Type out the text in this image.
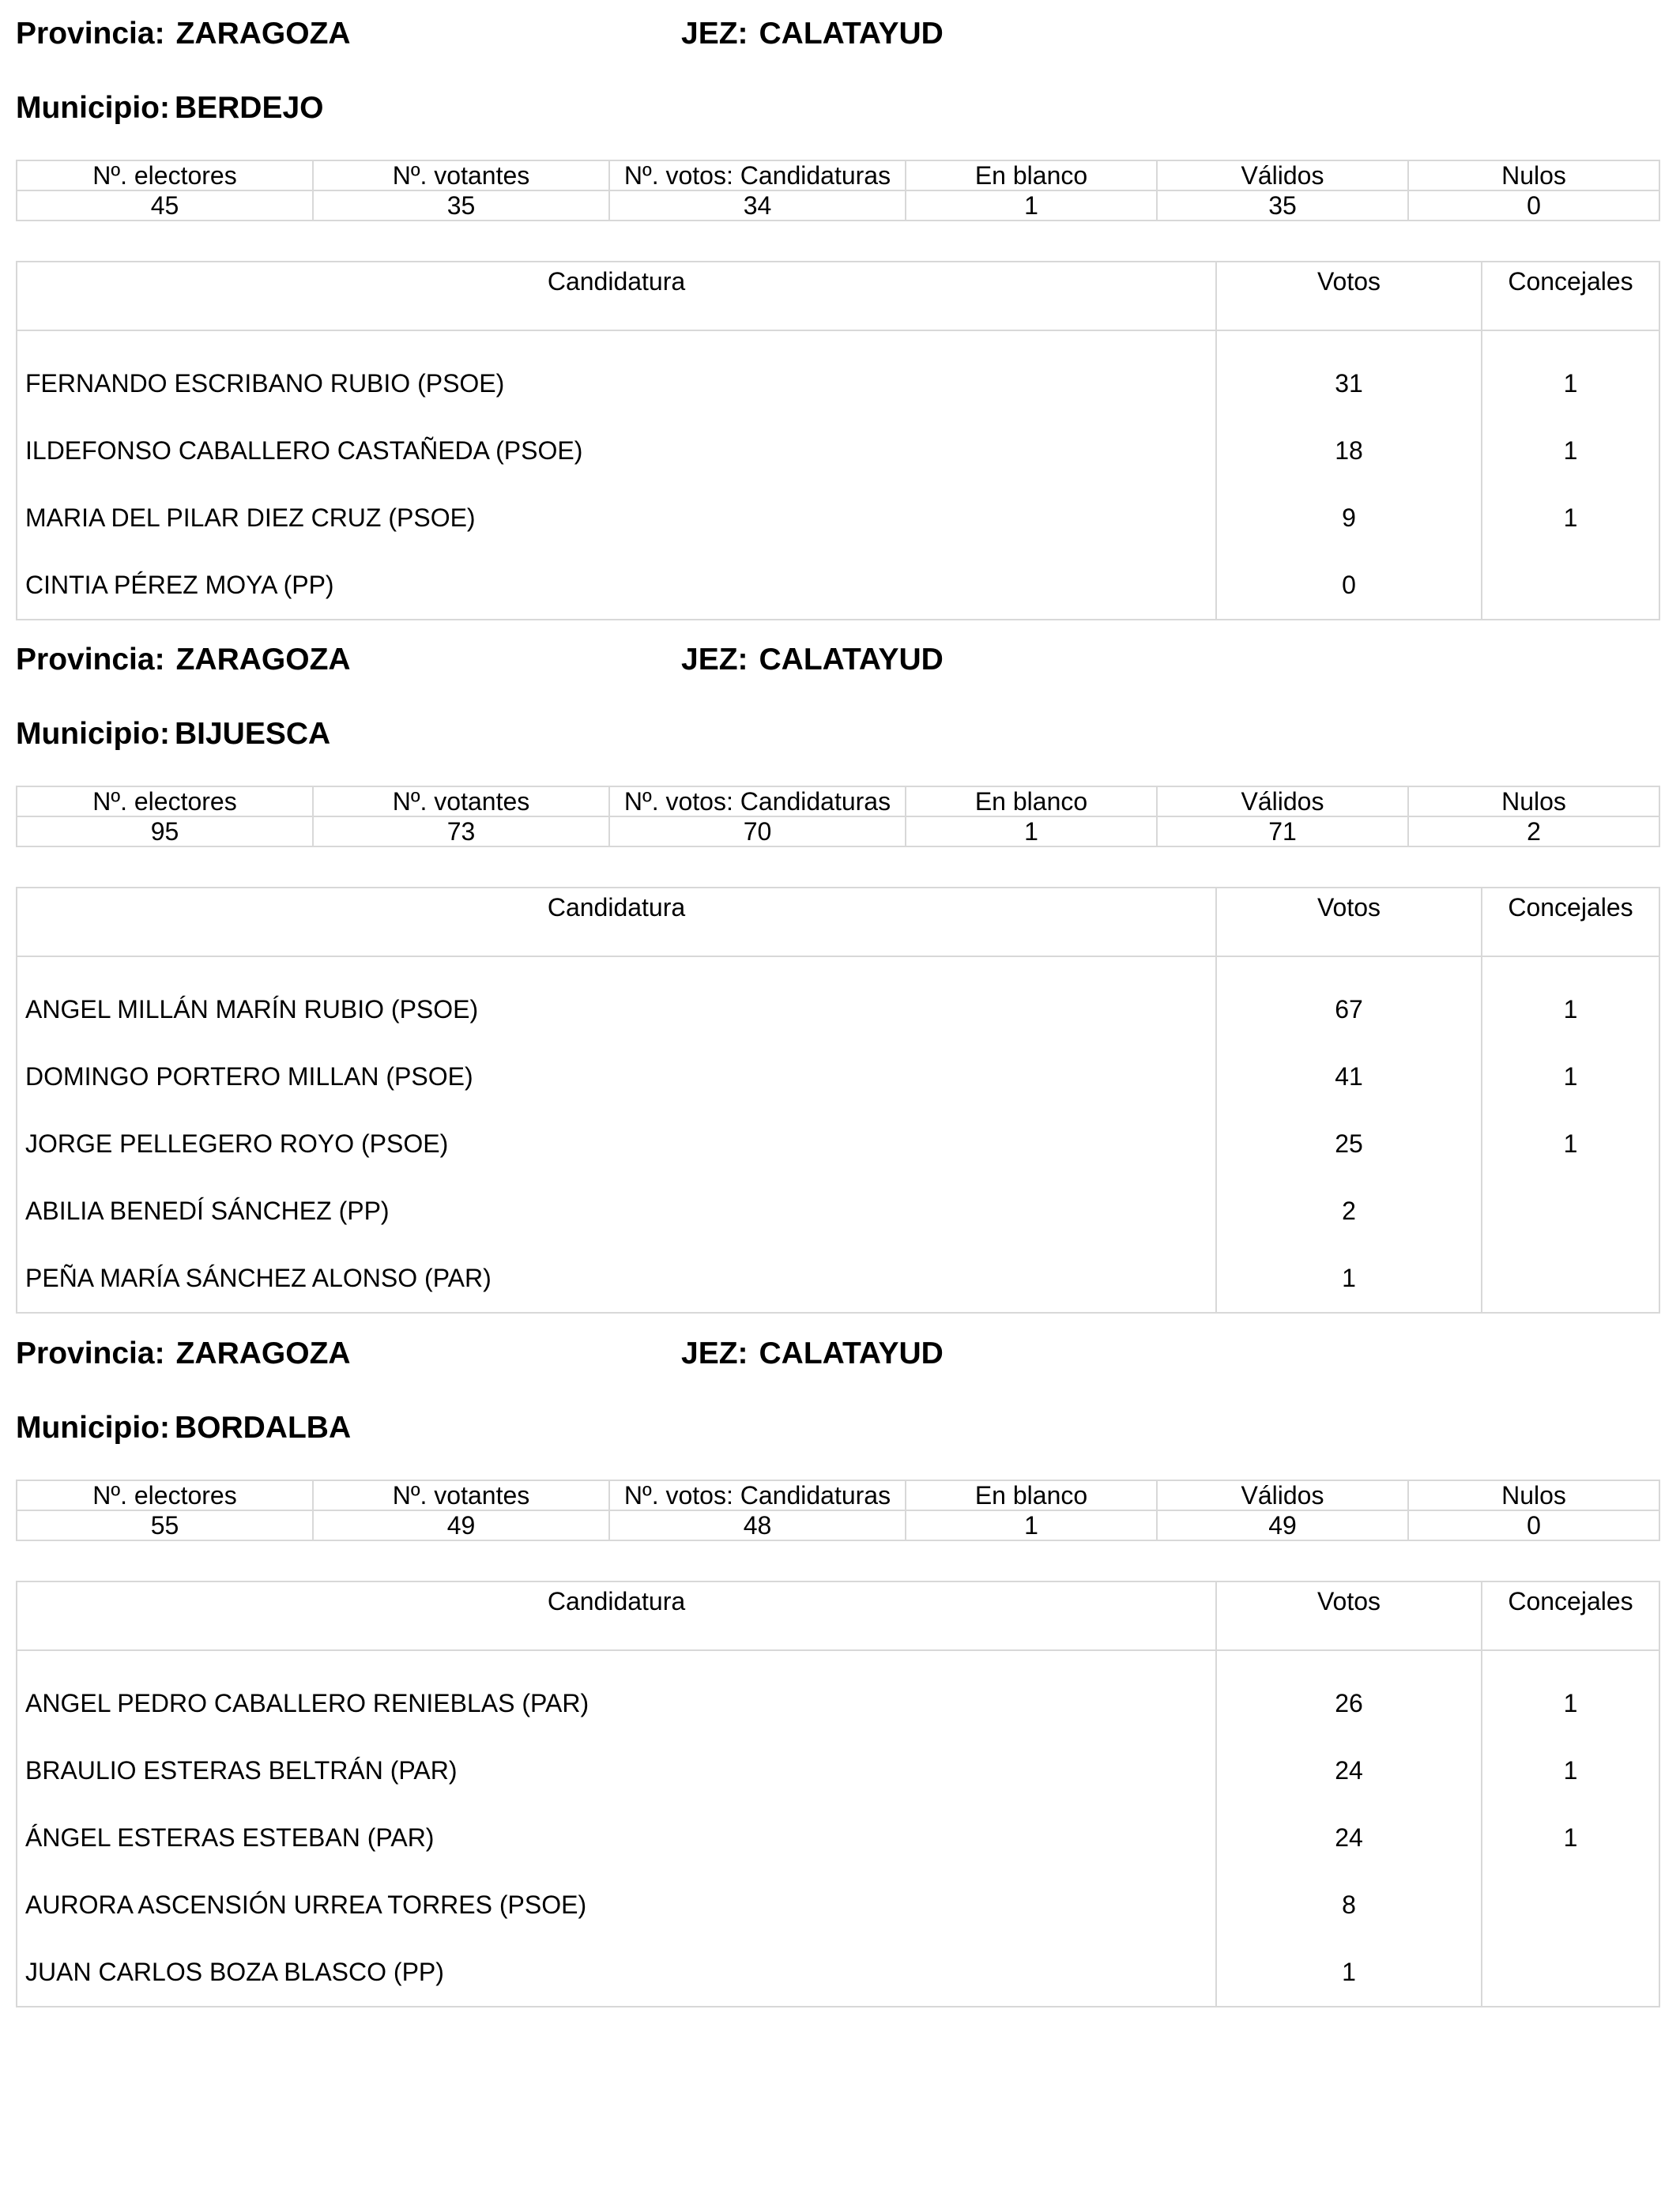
Provincia: ZARAGOZA	JEZ: CALATAYUD
Municipio: BERDEJO
Nº. electores	Nº. votantes	Nº. votos: Candidaturas	En blanco	Válidos	Nulos
45	35	34	1	35	0
Candidatura	Votos	Concejales
FERNANDO ESCRIBANO RUBIO (PSOE)	31	1
ILDEFONSO CABALLERO CASTAÑEDA (PSOE)	18	1
MARIA DEL PILAR DIEZ CRUZ (PSOE)	9	1
CINTIA PÉREZ MOYA (PP)	0	
Provincia: ZARAGOZA	JEZ: CALATAYUD
Municipio: BIJUESCA
Nº. electores	Nº. votantes	Nº. votos: Candidaturas	En blanco	Válidos	Nulos
95	73	70	1	71	2
Candidatura	Votos	Concejales
ANGEL MILLÁN MARÍN RUBIO (PSOE)	67	1
DOMINGO PORTERO MILLAN (PSOE)	41	1
JORGE PELLEGERO ROYO (PSOE)	25	1
ABILIA BENEDÍ SÁNCHEZ (PP)	2	
PEÑA MARÍA SÁNCHEZ ALONSO (PAR)	1	
Provincia: ZARAGOZA	JEZ: CALATAYUD
Municipio: BORDALBA
Nº. electores	Nº. votantes	Nº. votos: Candidaturas	En blanco	Válidos	Nulos
55	49	48	1	49	0
Candidatura	Votos	Concejales
ANGEL PEDRO CABALLERO RENIEBLAS (PAR)	26	1
BRAULIO ESTERAS BELTRÁN (PAR)	24	1
ÁNGEL ESTERAS ESTEBAN (PAR)	24	1
AURORA ASCENSIÓN URREA TORRES (PSOE)	8	
JUAN CARLOS BOZA BLASCO (PP)	1	
